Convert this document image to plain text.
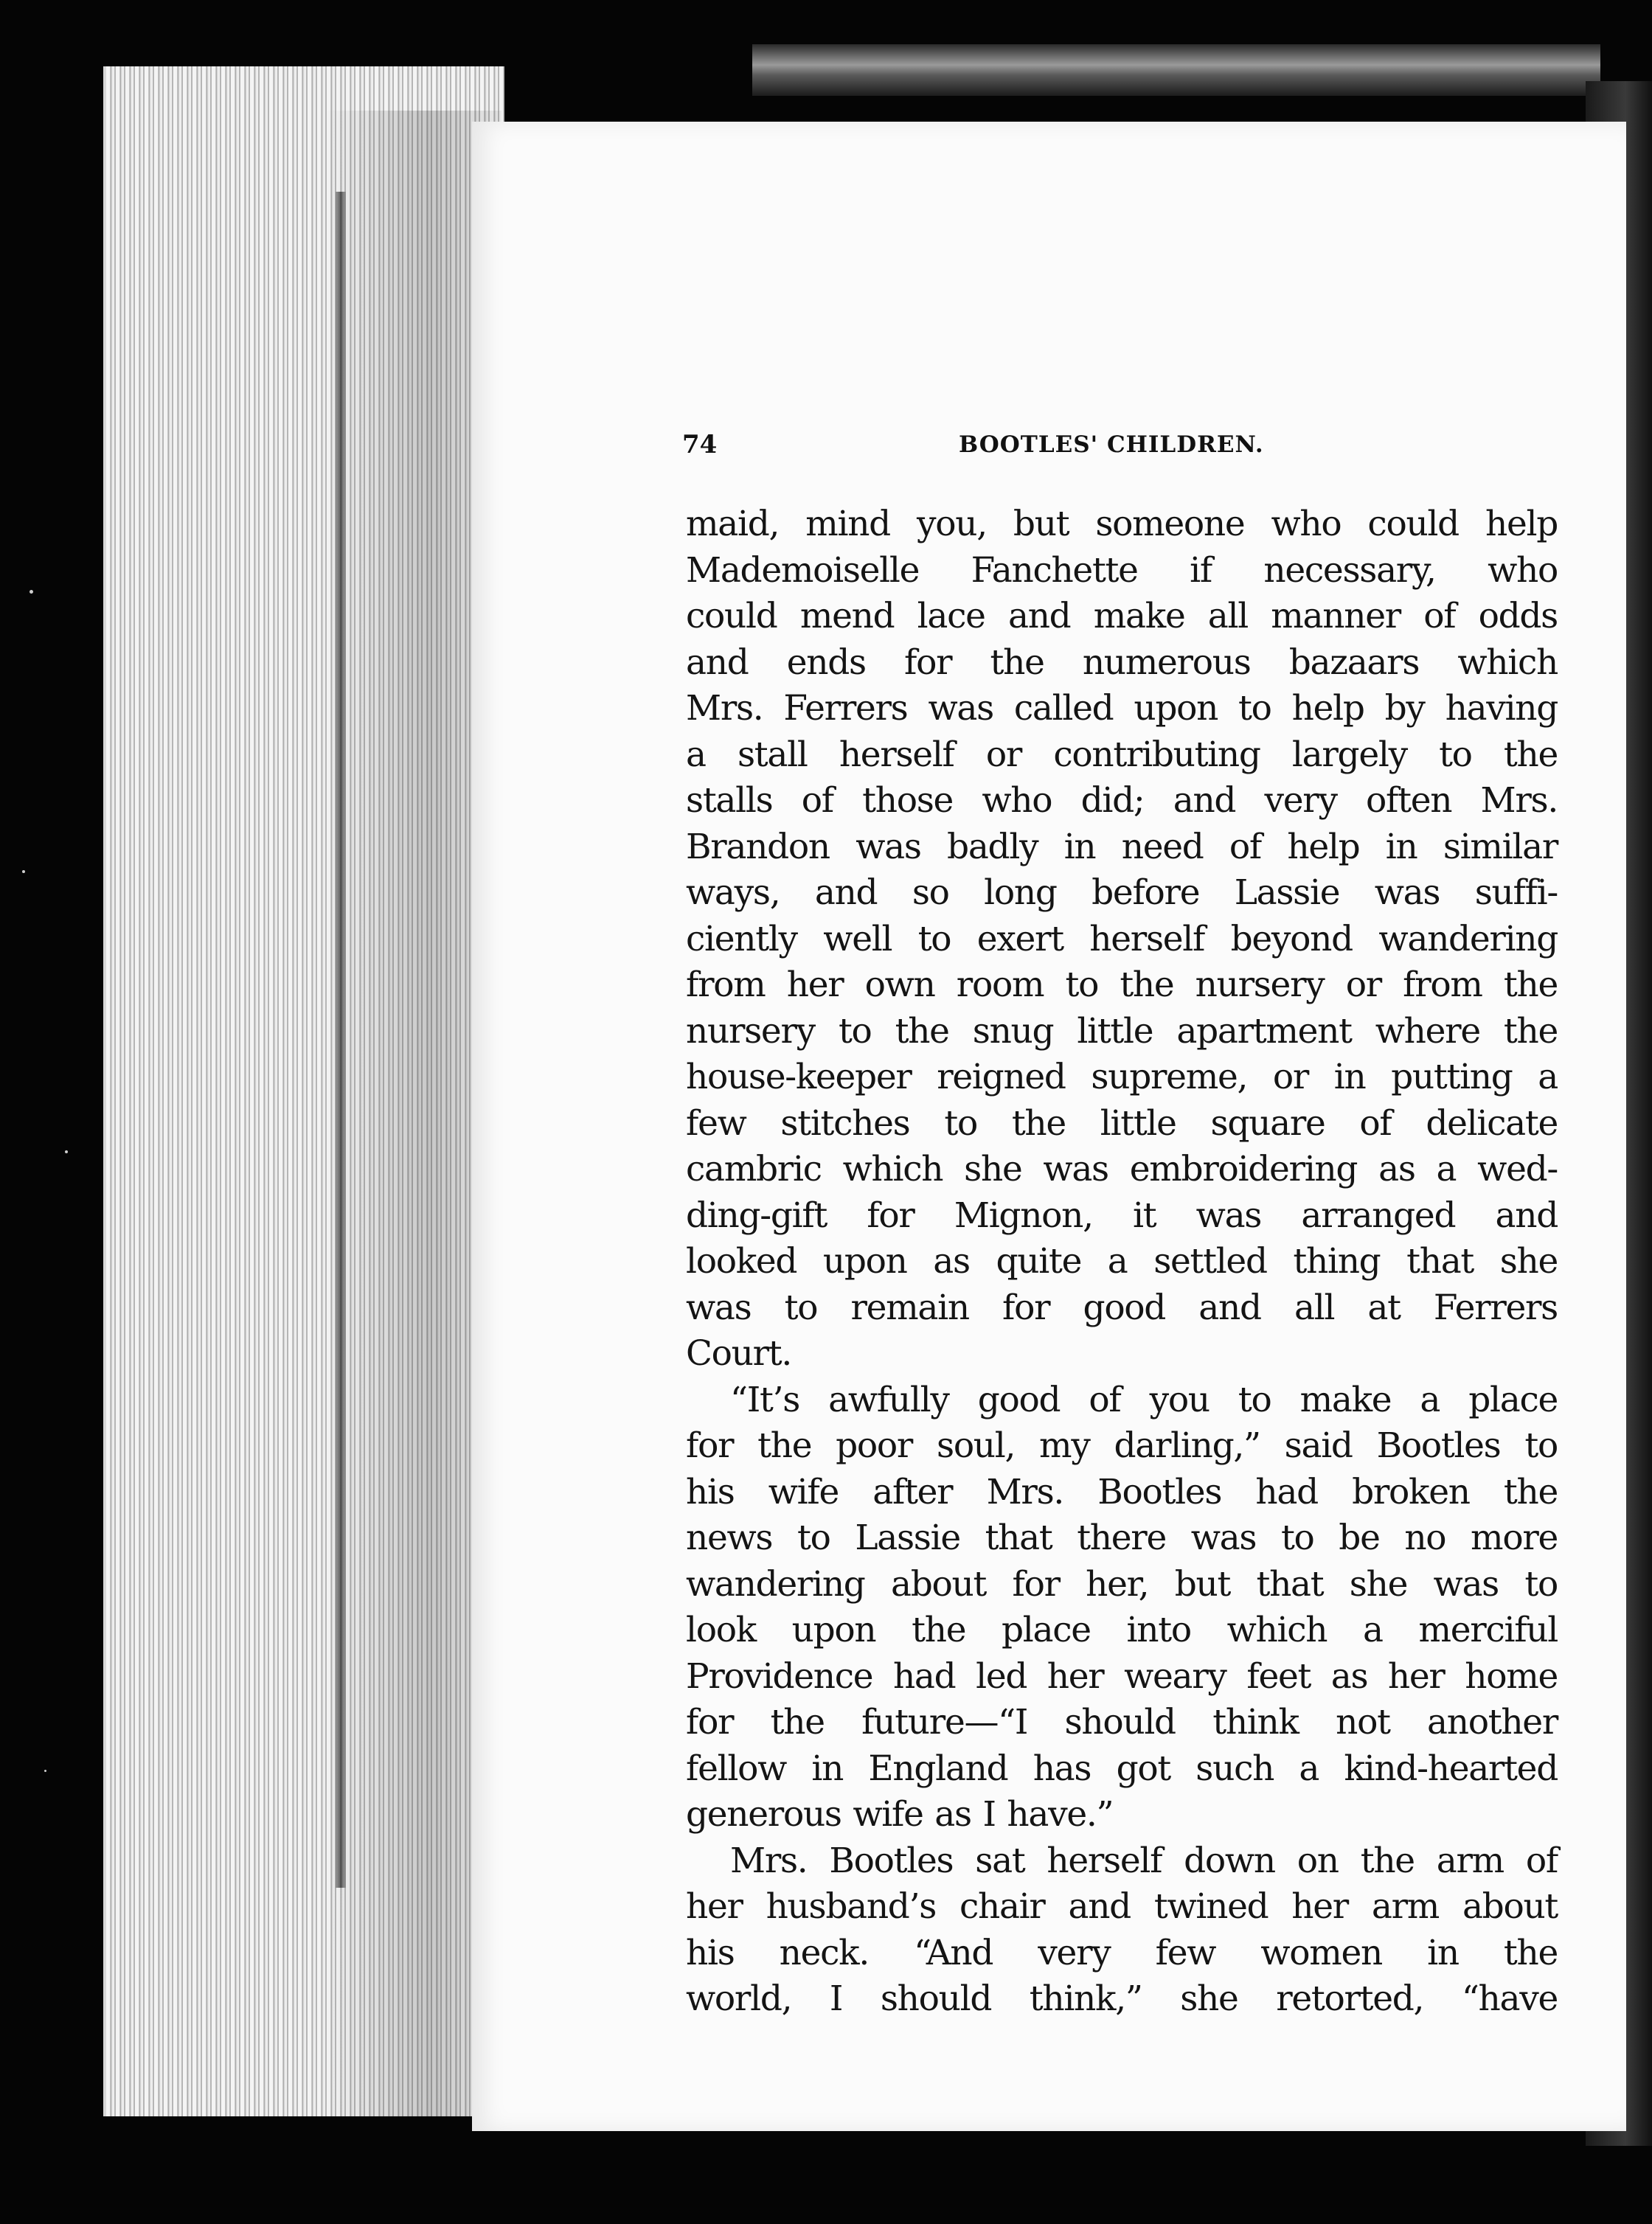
74	BOOTLES' CHILDREN.
maid, mind you, but someone who could help
Mademoiselle Fanchette if necessary, who
could mend lace and make all manner of odds
and ends for the numerous bazaars which
Mrs. Ferrers was called upon to help by having
a stall herself or contributing largely to the
stalls of those who did; and very often Mrs.
Brandon was badly in need of help in similar
ways, and so long before Lassie was suffi-
ciently well to exert herself beyond wandering
from her own room to the nursery or from the
nursery to the snug little apartment where the
house-keeper reigned supreme, or in putting a
few stitches to the little square of delicate
cambric which she was embroidering as a wed-
ding-gift for Mignon, it was arranged and
looked upon as quite a settled thing that she
was to remain for good and all at Ferrers
Court.
“It’s awfully good of you to make a place
for the poor soul, my darling,” said Bootles to
his wife after Mrs. Bootles had broken the
news to Lassie that there was to be no more
wandering about for her, but that she was to
look upon the place into which a merciful
Providence had led her weary feet as her home
for the future—“I should think not another
fellow in England has got such a kind-hearted
generous wife as I have.”
Mrs. Bootles sat herself down on the arm of
her husband’s chair and twined her arm about
his neck. “And very few women in the
world, I should think,” she retorted, “have
